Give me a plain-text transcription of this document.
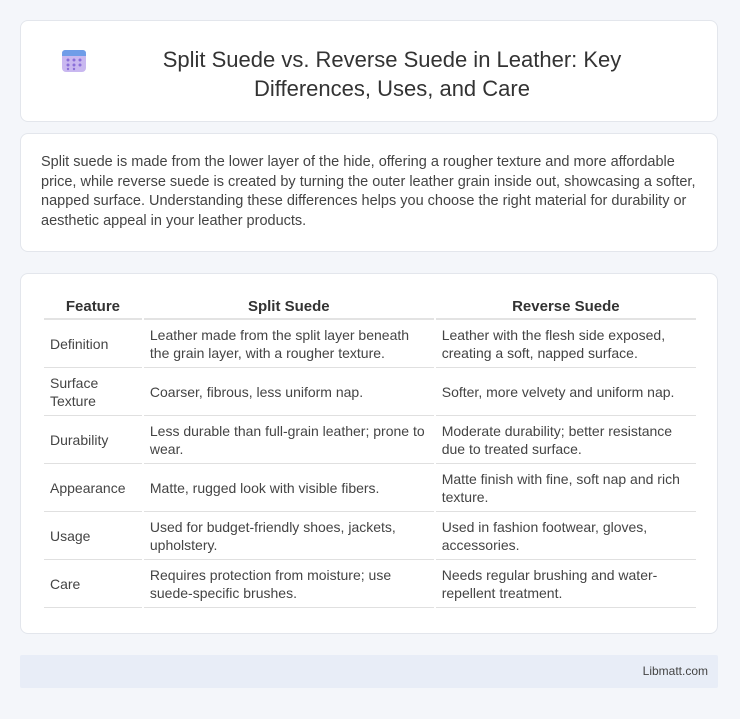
Split Suede vs. Reverse Suede in Leather: Key Differences, Uses, and Care

Split suede is made from the lower layer of the hide, offering a rougher texture and more affordable price, while reverse suede is created by turning the outer leather grain inside out, showcasing a softer, napped surface. Understanding these differences helps you choose the right material for durability or aesthetic appeal in your leather products.

Feature	Split Suede	Reverse Suede
Definition	Leather made from the split layer beneath the grain layer, with a rougher texture.	Leather with the flesh side exposed, creating a soft, napped surface.
Surface Texture	Coarser, fibrous, less uniform nap.	Softer, more velvety and uniform nap.
Durability	Less durable than full-grain leather; prone to wear.	Moderate durability; better resistance due to treated surface.
Appearance	Matte, rugged look with visible fibers.	Matte finish with fine, soft nap and rich texture.
Usage	Used for budget-friendly shoes, jackets, upholstery.	Used in fashion footwear, gloves, accessories.
Care	Requires protection from moisture; use suede-specific brushes.	Needs regular brushing and water-repellent treatment.
Libmatt.com
